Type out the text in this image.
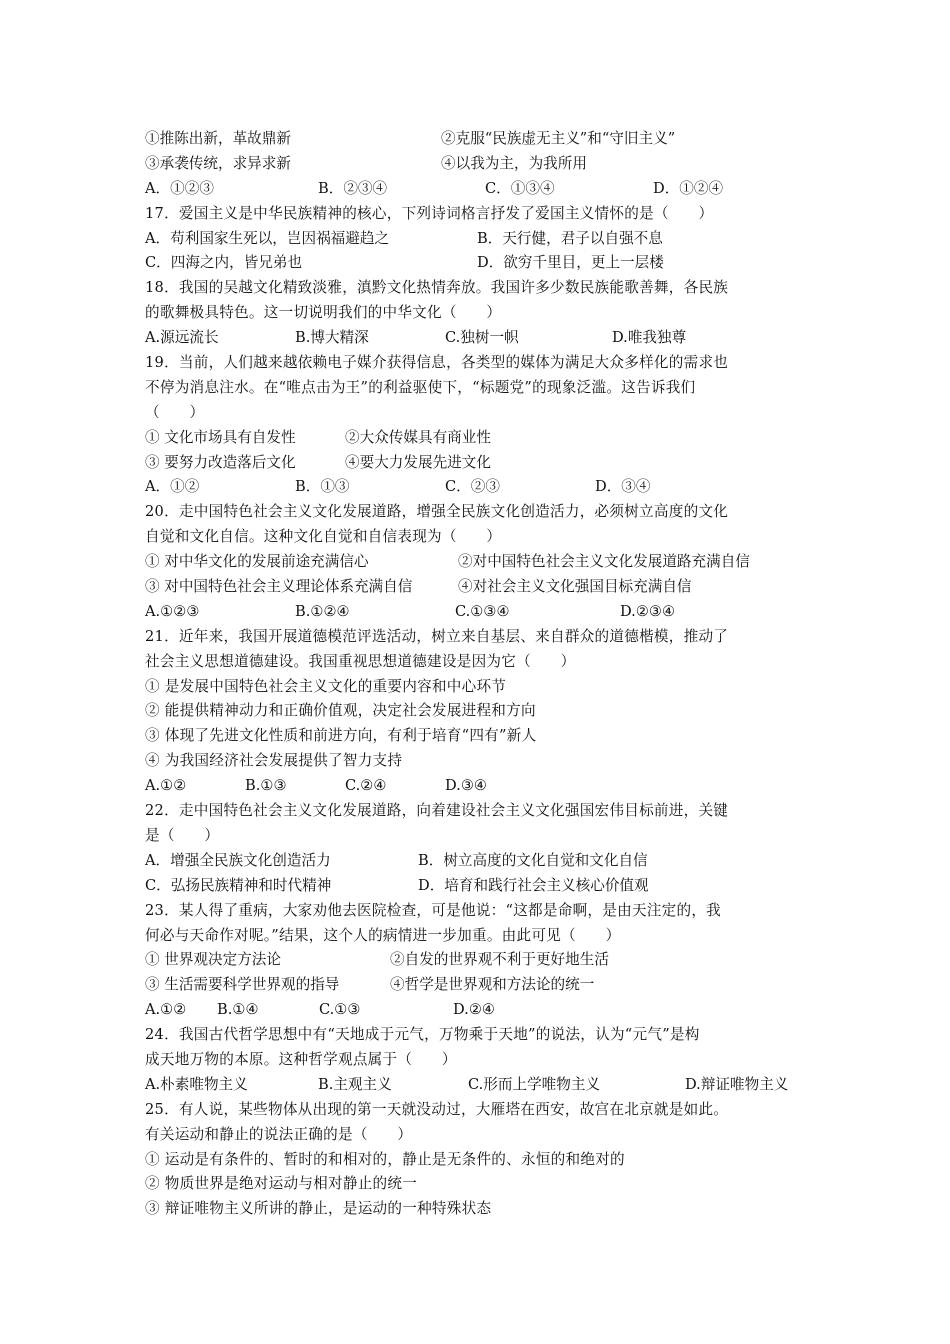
①推陈出新，革故鼎新	②克服“民族虚无主义”和“守旧主义”
③承袭传统，求异求新	④以我为主，为我所用
A．①②③	B．②③④	C．①③④	D．①②④
17．爱国主义是中华民族精神的核心，下列诗词格言抒发了爱国主义情怀的是（　　）
A．苟利国家生死以，岂因祸福避趋之	B．天行健，君子以自强不息
C．四海之内，皆兄弟也	D．欲穷千里目，更上一层楼
18．我国的吴越文化精致淡雅，滇黔文化热情奔放。我国许多少数民族能歌善舞，各民族
的歌舞极具特色。这一切说明我们的中华文化（　　）
A.源远流长	B.博大精深	C.独树一帜	D.唯我独尊
19．当前，人们越来越依赖电子媒介获得信息，各类型的媒体为满足大众多样化的需求也
不停为消息注水。在“唯点击为王”的利益驱使下，“标题党”的现象泛滥。这告诉我们
（　　）
① 文化市场具有自发性	②大众传媒具有商业性
③ 要努力改造落后文化	④要大力发展先进文化
A．①②	B．①③	C．②③	D．③④
20．走中国特色社会主义文化发展道路，增强全民族文化创造活力，必须树立高度的文化
自觉和文化自信。这种文化自觉和自信表现为（　　）
① 对中华文化的发展前途充满信心	②对中国特色社会主义文化发展道路充满自信
③ 对中国特色社会主义理论体系充满自信	④对社会主义文化强国目标充满自信
A.①②③	B.①②④	C.①③④	D.②③④
21．近年来，我国开展道德模范评选活动，树立来自基层、来自群众的道德楷模，推动了
社会主义思想道德建设。我国重视思想道德建设是因为它（　　）
① 是发展中国特色社会主义文化的重要内容和中心环节
② 能提供精神动力和正确价值观，决定社会发展进程和方向
③ 体现了先进文化性质和前进方向，有利于培育“四有”新人
④ 为我国经济社会发展提供了智力支持
A.①②	B.①③	C.②④	D.③④
22．走中国特色社会主义文化发展道路，向着建设社会主义文化强国宏伟目标前进，关键
是（　　）
A．增强全民族文化创造活力	B．树立高度的文化自觉和文化自信
C．弘扬民族精神和时代精神	D．培育和践行社会主义核心价值观
23．某人得了重病，大家劝他去医院检查，可是他说：“这都是命啊，是由天注定的，我
何必与天命作对呢。”结果，这个人的病情进一步加重。由此可见（　　）
① 世界观决定方法论	②自发的世界观不利于更好地生活
③ 生活需要科学世界观的指导	④哲学是世界观和方法论的统一
A.①② B.①④	C.①③	D.②④
24．我国古代哲学思想中有“天地成于元气，万物乘于天地”的说法，认为“元气”是构
成天地万物的本原。这种哲学观点属于（　　）
A.朴素唯物主义	B.主观主义	C.形而上学唯物主义	D.辩证唯物主义
25．有人说，某些物体从出现的第一天就没动过，大雁塔在西安，故宫在北京就是如此。
有关运动和静止的说法正确的是（　　）
① 运动是有条件的、暂时的和相对的，静止是无条件的、永恒的和绝对的
② 物质世界是绝对运动与相对静止的统一
③ 辩证唯物主义所讲的静止，是运动的一种特殊状态
